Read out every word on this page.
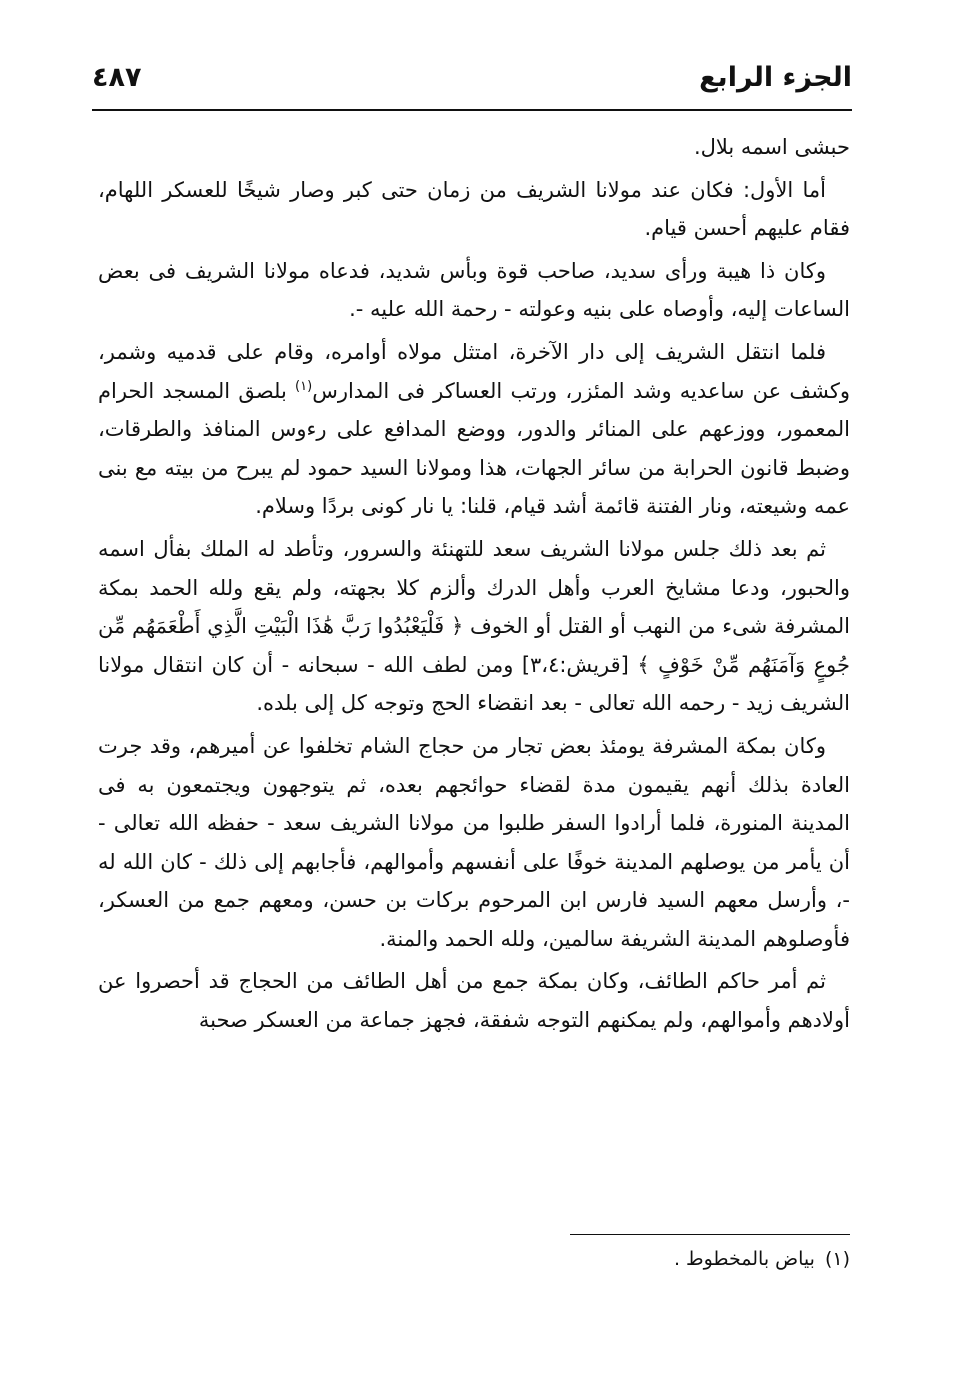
الجزء الرابع
٤٨٧

حبشى اسمه بلال.

أما الأول: فكان عند مولانا الشريف من زمان حتى كبر وصار شيخًا للعسكر اللهام، فقام عليهم أحسن قيام.

وكان ذا هيبة ورأى سديد، صاحب قوة وبأس شديد، فدعاه مولانا الشريف فى بعض الساعات إليه، وأوصاه على بنيه وعولته - رحمة الله عليه -.

فلما انتقل الشريف إلى دار الآخرة، امتثل مولاه أوامره، وقام على قدميه وشمر، وكشف عن ساعديه وشد المئزر، ورتب العساكر فى المدارس$^{(١)}$ بلصق المسجد الحرام المعمور، ووزعهم على المنائر والدور، ووضع المدافع على رءوس المنافذ والطرقات، وضبط قانون الحرابة من سائر الجهات، هذا ومولانا السيد حمود لم يبرح من بيته مع بنى عمه وشيعته، ونار الفتنة قائمة أشد قيام، قلنا: يا نار كونى بردًا وسلام.

ثم بعد ذلك جلس مولانا الشريف سعد للتهنئة والسرور، وتأطد له الملك بفأل اسمه والحبور، ودعا مشايخ العرب وأهل الدرك وألزم كلا بجهته، ولم يقع ولله الحمد بمكة المشرفة شىء من النهب أو القتل أو الخوف ﴿ فَلْيَعْبُدُوا رَبَّ هَٰذَا الْبَيْتِ الَّذِي أَطْعَمَهُم مِّن جُوعٍ وَآمَنَهُم مِّنْ خَوْفٍ ﴾ [قريش:٣،٤] ومن لطف الله - سبحانه - أن كان انتقال مولانا الشريف زيد - رحمه الله تعالى - بعد انقضاء الحج وتوجه كل إلى بلده.

وكان بمكة المشرفة يومئذ بعض تجار من حجاج الشام تخلفوا عن أميرهم، وقد جرت العادة بذلك أنهم يقيمون مدة لقضاء حوائجهم بعده، ثم يتوجهون ويجتمعون به فى المدينة المنورة، فلما أرادوا السفر طلبوا من مولانا الشريف سعد - حفظه الله تعالى - أن يأمر من يوصلهم المدينة خوفًا على أنفسهم وأموالهم، فأجابهم إلى ذلك - كان الله له -، وأرسل معهم السيد فارس ابن المرحوم بركات بن حسن، ومعهم جمع من العسكر، فأوصلوهم المدينة الشريفة سالمين، ولله الحمد والمنة.

ثم أمر حاكم الطائف، وكان بمكة جمع من أهل الطائف من الحجاج قد أحصروا عن أولادهم وأموالهم، ولم يمكنهم التوجه شفقة، فجهز جماعة من العسكر صحبة

(١)بياض بالمخطوط .
